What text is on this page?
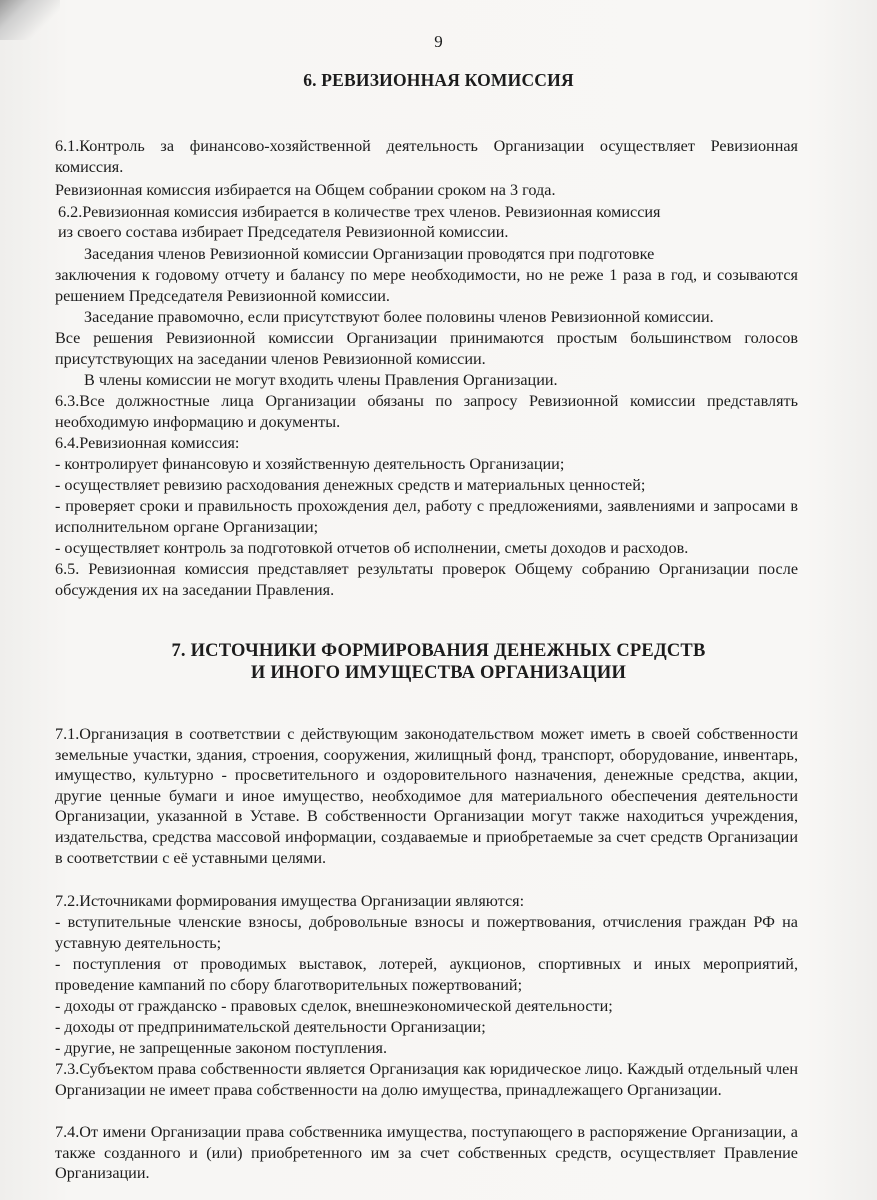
9
6. РЕВИЗИОННАЯ КОМИССИЯ

6.1.Контроль за финансово-хозяйственной деятельность Организации осуществляет Ревизионная комиссия.

Ревизионная комиссия избирается на Общем собрании сроком на 3 года.

6.2.Ревизионная комиссия избирается в количестве трех членов. Ревизионная комиссия

из своего состава избирает Председателя Ревизионной комиссии.

Заседания членов Ревизионной комиссии Организации проводятся при подготовке

заключения к годовому отчету и балансу по мере необходимости, но не реже 1 раза в год, и созываются решением Председателя Ревизионной комиссии.

Заседание правомочно, если присутствуют более половины членов Ревизионной комиссии.

Все решения Ревизионной комиссии Организации принимаются простым большинством голосов присутствующих на заседании членов Ревизионной комиссии.

В члены комиссии не могут входить члены Правления Организации.

6.3.Все должностные лица Организации обязаны по запросу Ревизионной комиссии представлять необходимую информацию и документы.

6.4.Ревизионная комиссия:

- контролирует финансовую и хозяйственную деятельность Организации;

- осуществляет ревизию расходования денежных средств и материальных ценностей;

- проверяет сроки и правильность прохождения дел, работу с предложениями, заявлениями и запросами в исполнительном органе Организации;

- осуществляет контроль за подготовкой отчетов об исполнении, сметы доходов и расходов.

6.5. Ревизионная комиссия представляет результаты проверок Общему собранию Организации после обсуждения их на заседании Правления.

7. ИСТОЧНИКИ ФОРМИРОВАНИЯ ДЕНЕЖНЫХ СРЕДСТВ
И ИНОГО ИМУЩЕСТВА ОРГАНИЗАЦИИ

7.1.Организация в соответствии с действующим законодательством может иметь в своей собственности земельные участки, здания, строения, сооружения, жилищный фонд, транспорт, оборудование, инвентарь, имущество, культурно - просветительного и оздоровительного назначения, денежные средства, акции, другие ценные бумаги и иное имущество, необходимое для материального обеспечения деятельности Организации, указанной в Уставе. В собственности Организации могут также находиться учреждения, издательства, средства массовой информации, создаваемые и приобретаемые за счет средств Организации в соответствии с её уставными целями.

7.2.Источниками формирования имущества Организации являются:

- вступительные членские взносы, добровольные взносы и пожертвования, отчисления граждан РФ на уставную деятельность;

- поступления от проводимых выставок, лотерей, аукционов, спортивных и иных мероприятий, проведение кампаний по сбору благотворительных пожертвований;

- доходы от гражданско - правовых сделок, внешнеэкономической деятельности;

- доходы от предпринимательской деятельности Организации;

- другие, не запрещенные законом поступления.

7.3.Субъектом права собственности является Организация как юридическое лицо. Каждый отдельный член Организации не имеет права собственности на долю имущества, принадлежащего Организации.

7.4.От имени Организации права собственника имущества, поступающего в распоряжение Организации, а также созданного и (или) приобретенного им за счет собственных средств, осуществляет Правление Организации.
